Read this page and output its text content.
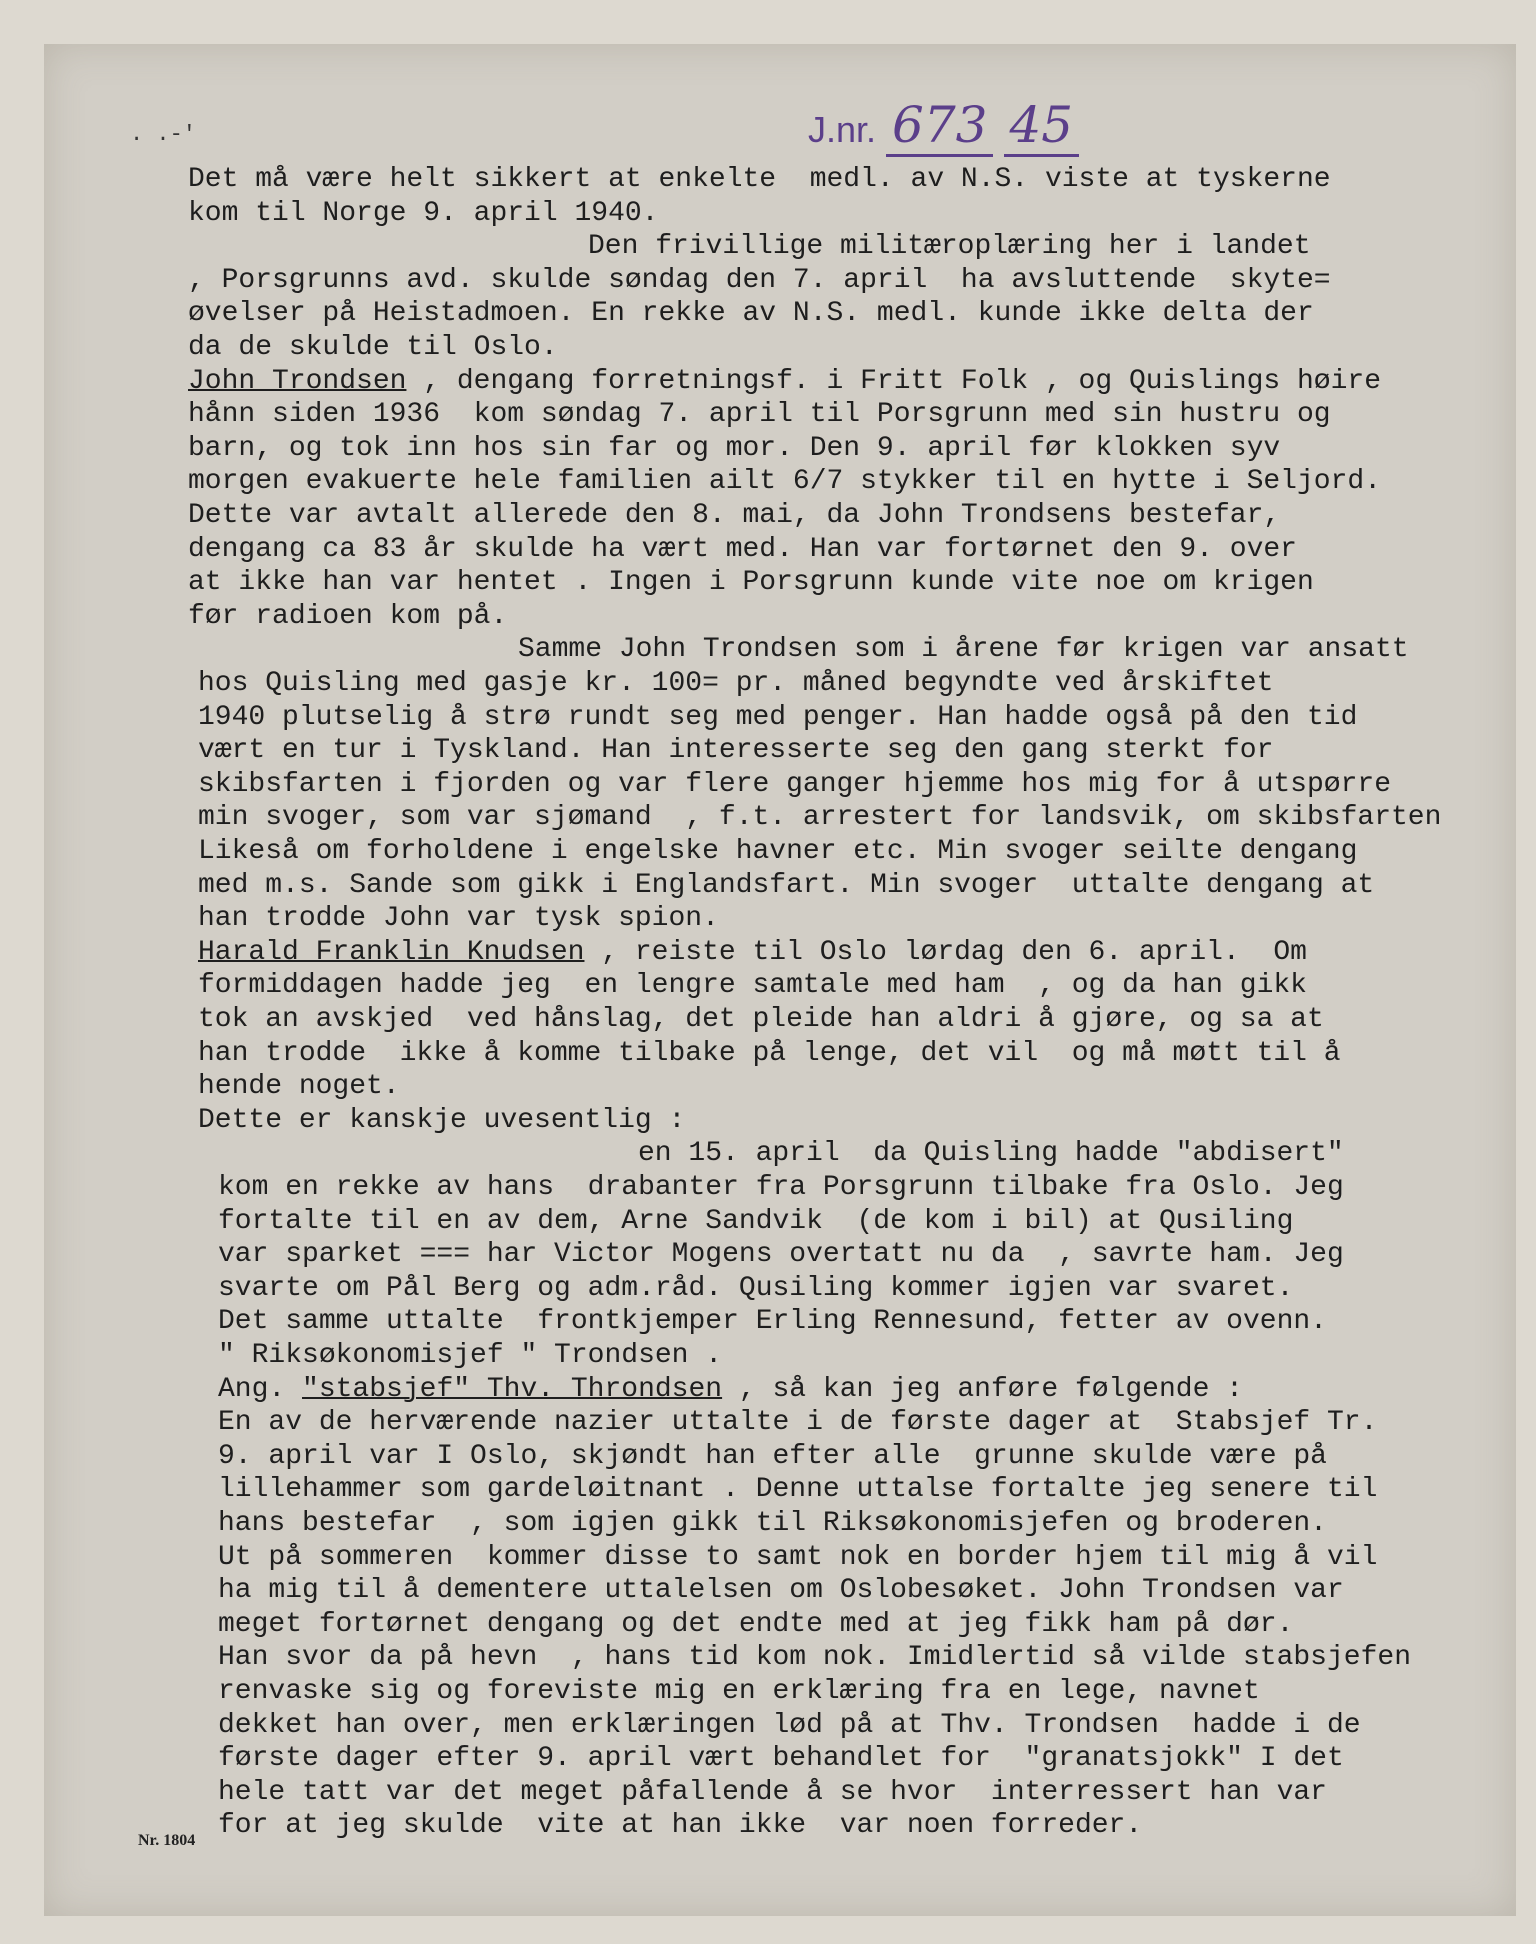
. .-'	J.nr. 673 45
Det må være helt sikkert at enkelte  medl. av N.S. viste at tyskerne
kom til Norge 9. april 1940.
Den frivillige militæroplæring her i landet
, Porsgrunns avd. skulde søndag den 7. april  ha avsluttende  skyte=
øvelser på Heistadmoen. En rekke av N.S. medl. kunde ikke delta der
da de skulde til Oslo.
John Trondsen , dengang forretningsf. i Fritt Folk , og Quislings høire
hånn siden 1936  kom søndag 7. april til Porsgrunn med sin hustru og
barn, og tok inn hos sin far og mor. Den 9. april før klokken syv
morgen evakuerte hele familien ailt 6/7 stykker til en hytte i Seljord.
Dette var avtalt allerede den 8. mai, da John Trondsens bestefar,
dengang ca 83 år skulde ha vært med. Han var fortørnet den 9. over
at ikke han var hentet . Ingen i Porsgrunn kunde vite noe om krigen
før radioen kom på.
Samme John Trondsen som i årene før krigen var ansatt
hos Quisling med gasje kr. 100= pr. måned begyndte ved årskiftet
1940 plutselig å strø rundt seg med penger. Han hadde også på den tid
vært en tur i Tyskland. Han interesserte seg den gang sterkt for
skibsfarten i fjorden og var flere ganger hjemme hos mig for å utspørre
min svoger, som var sjømand  , f.t. arrestert for landsvik, om skibsfarten
Likeså om forholdene i engelske havner etc. Min svoger seilte dengang
med m.s. Sande som gikk i Englandsfart. Min svoger  uttalte dengang at
han trodde John var tysk spion.
Harald Franklin Knudsen , reiste til Oslo lørdag den 6. april.  Om
formiddagen hadde jeg  en lengre samtale med ham  , og da han gikk
tok an avskjed  ved hånslag, det pleide han aldri å gjøre, og sa at
han trodde  ikke å komme tilbake på lenge, det vil  og må møtt til å
hende noget.
Dette er kanskje uvesentlig :
en 15. april  da Quisling hadde "abdisert"
kom en rekke av hans  drabanter fra Porsgrunn tilbake fra Oslo. Jeg
fortalte til en av dem, Arne Sandvik  (de kom i bil) at Qusiling
var sparket === har Victor Mogens overtatt nu da  , savrte ham. Jeg
svarte om Pål Berg og adm.råd. Qusiling kommer igjen var svaret.
Det samme uttalte  frontkjemper Erling Rennesund, fetter av ovenn.
" Riksøkonomisjef " Trondsen .
Ang. "stabsjef" Thv. Throndsen , så kan jeg anføre følgende :
En av de herværende nazier uttalte i de første dager at  Stabsjef Tr.
9. april var I Oslo, skjøndt han efter alle  grunne skulde være på
lillehammer som gardeløitnant . Denne uttalse fortalte jeg senere til
hans bestefar  , som igjen gikk til Riksøkonomisjefen og broderen.
Ut på sommeren  kommer disse to samt nok en border hjem til mig å vil
ha mig til å dementere uttalelsen om Oslobesøket. John Trondsen var
meget fortørnet dengang og det endte med at jeg fikk ham på dør.
Han svor da på hevn  , hans tid kom nok. Imidlertid så vilde stabsjefen
renvaske sig og foreviste mig en erklæring fra en lege, navnet
dekket han over, men erklæringen lød på at Thv. Trondsen  hadde i de
første dager efter 9. april vært behandlet for  "granatsjokk" I det
hele tatt var det meget påfallende å se hvor  interressert han var
for at jeg skulde  vite at han ikke  var noen forreder.
Nr. 1804
